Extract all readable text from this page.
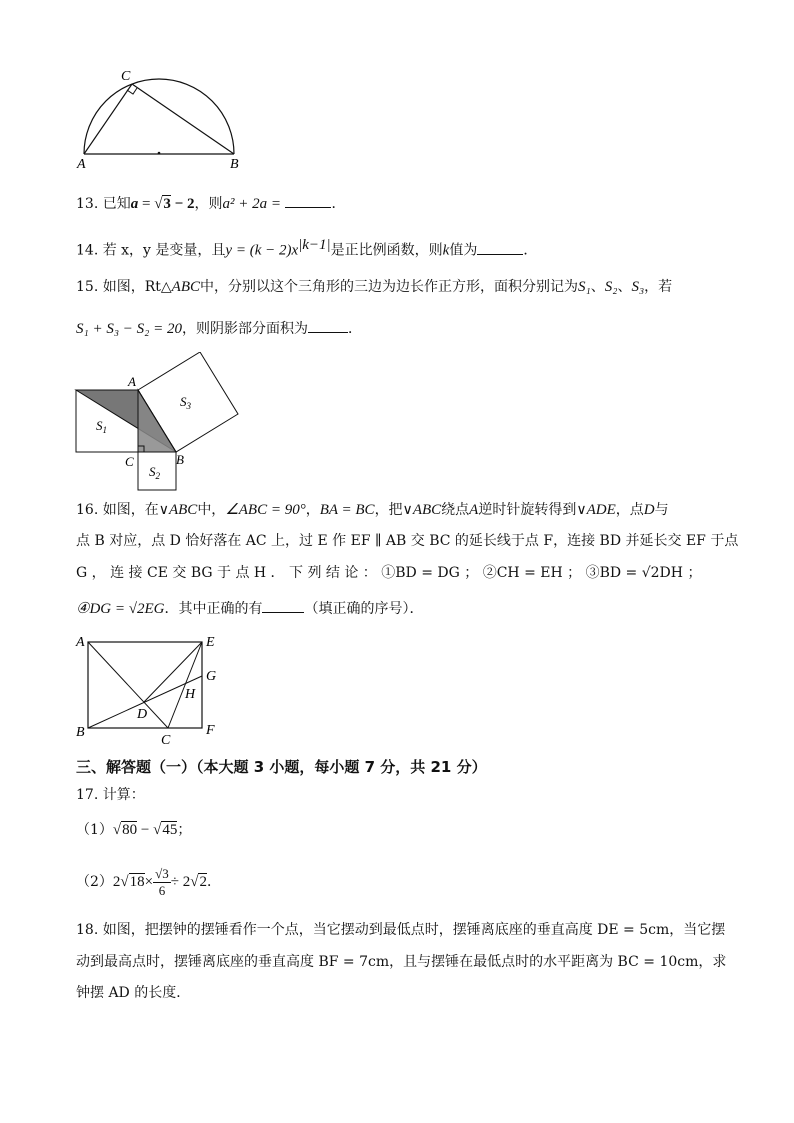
C
A	B
13. 已知a = √3 − 2，则a² + 2a =	．
14. 若 x，y 是变量，且$y = (k - 2)x^{|k-1|}$是正比例函数，则k值为	．
15. 如图，Rt△ABC中，分别以这个三角形的三边为边长作正方形，面积分别记为S₁、S₂、S₃，若
S₁ + S₃ − S₂ = 20，则阴影部分面积为	．
A
B
C
$S_1$
$S_2$
$S_3$
16. 如图，在∨ABC中，∠ABC = 90°，BA = BC，把∨ABC绕点A逆时针旋转得到∨ADE，点D与
点 B 对应，点 D 恰好落在 AC 上，过 E 作 EF ∥ AB 交 BC 的延长线于点 F，连接 BD 并延长交 EF 于点
G ， 连 接 CE 交 BG 于 点 H ． 下 列 结 论 ： ①BD = DG ； ②CH = EH ； ③BD = √2DH ；
④DG = √2EG．其中正确的有	（填正确的序号）．
A	E
G
H
D
B
C
F
三、解答题（一）（本大题 3 小题，每小题 7 分，共 21 分）
17. 计算：
（1）√80 − √45；
$(2)2√18\times \frac{√3}{6} \div 2√2$．
18. 如图，把摆钟的摆锤看作一个点，当它摆动到最低点时，摆锤离底座的垂直高度 DE = 5cm，当它摆
动到最高点时，摆锤离底座的垂直高度 BF = 7cm，且与摆锤在最低点时的水平距离为 BC = 10cm，求
钟摆 AD 的长度．
